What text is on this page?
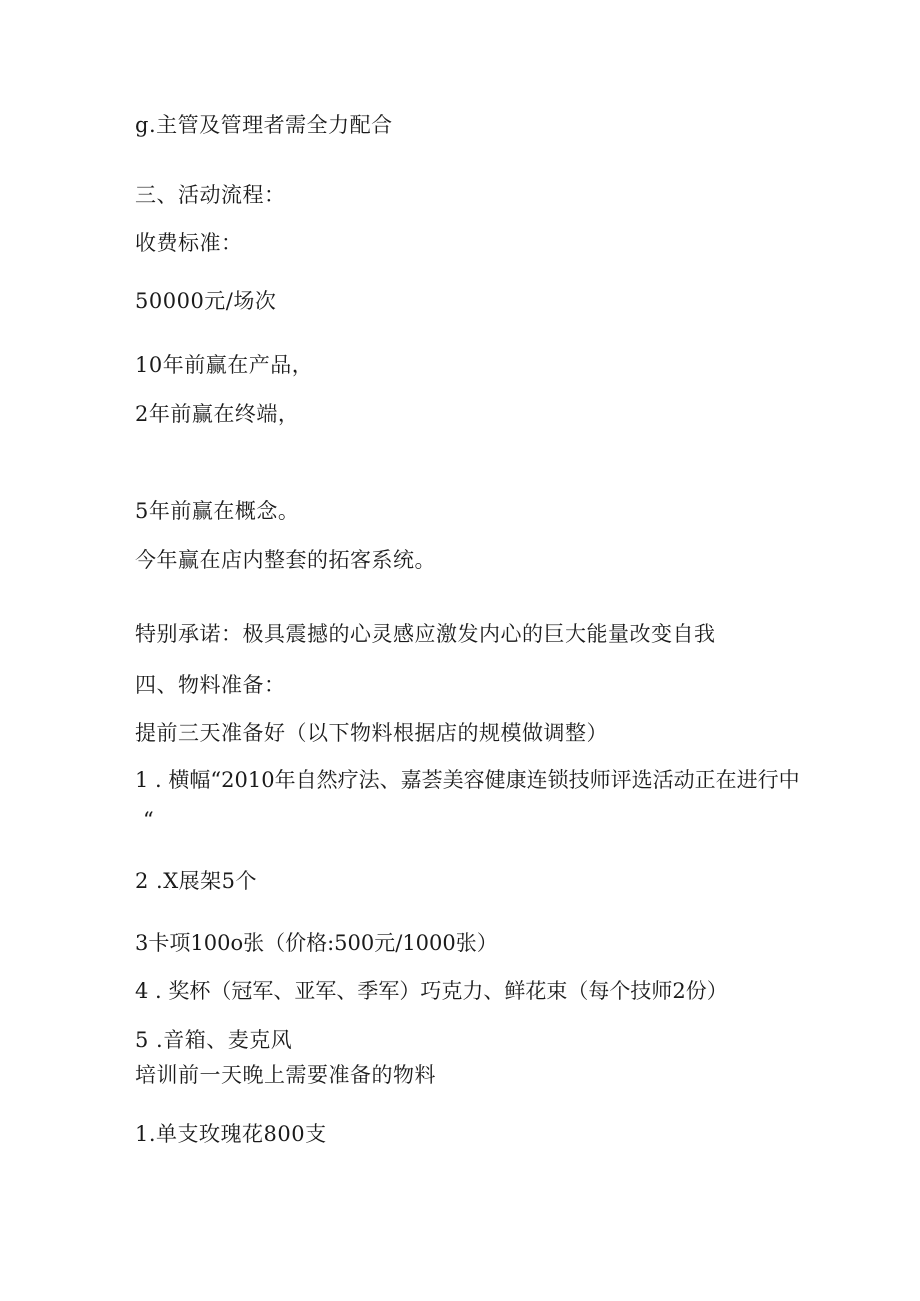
g.主管及管理者需全力配合
三、活动流程：
收费标准：
50000元/场次
10年前赢在产品，
2年前赢在终端，
5年前赢在概念。
今年赢在店内整套的拓客系统。
特别承诺：极具震撼的心灵感应激发内心的巨大能量改变自我
四、物料准备：
提前三天准备好（以下物料根据店的规模做调整）
1 . 横幅“2010年自然疗法、嘉荟美容健康连锁技师评选活动正在进行中
“
2 .X展架5个
3卡项100o张（价格:500元/1000张）
4 . 奖杯（冠军、亚军、季军）巧克力、鲜花束（每个技师2份）
5 .音箱、麦克风
培训前一天晚上需要准备的物料
1.单支玫瑰花800支
